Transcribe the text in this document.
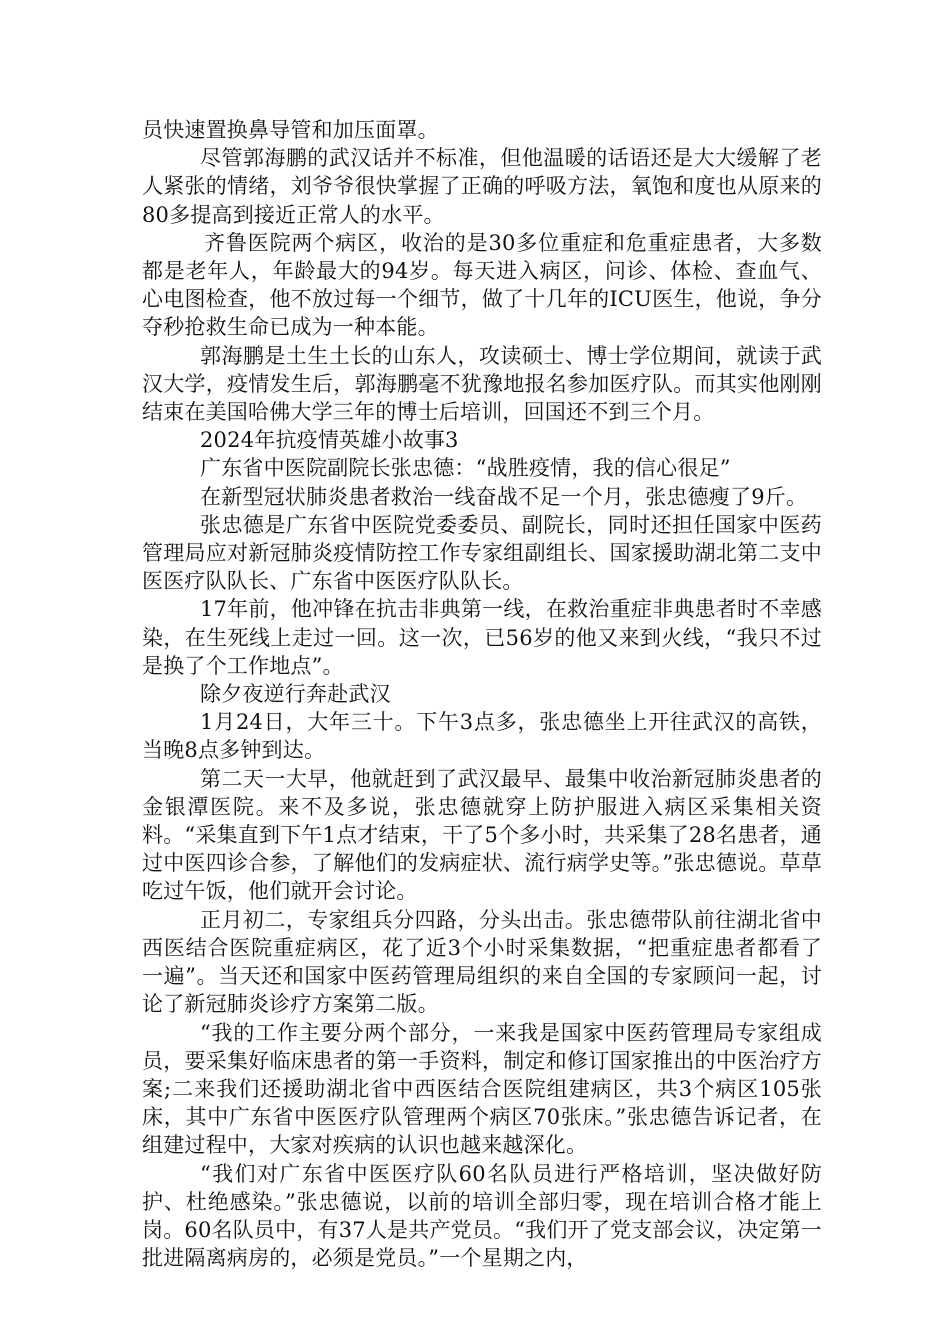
员快速置换鼻导管和加压面罩。

尽管郭海鹏的武汉话并不标准，但他温暖的话语还是大大缓解了老人紧张的情绪，刘爷爷很快掌握了正确的呼吸方法，氧饱和度也从原来的80多提高到接近正常人的水平。

齐鲁医院两个病区，收治的是30多位重症和危重症患者，大多数都是老年人，年龄最大的94岁。每天进入病区，问诊、体检、查血气、心电图检查，他不放过每一个细节，做了十几年的ICU医生，他说，争分夺秒抢救生命已成为一种本能。

郭海鹏是土生土长的山东人，攻读硕士、博士学位期间，就读于武汉大学，疫情发生后，郭海鹏毫不犹豫地报名参加医疗队。而其实他刚刚结束在美国哈佛大学三年的博士后培训，回国还不到三个月。

2024年抗疫情英雄小故事3

广东省中医院副院长张忠德：“战胜疫情，我的信心很足”

在新型冠状肺炎患者救治一线奋战不足一个月，张忠德瘦了9斤。

张忠德是广东省中医院党委委员、副院长，同时还担任国家中医药管理局应对新冠肺炎疫情防控工作专家组副组长、国家援助湖北第二支中医医疗队队长、广东省中医医疗队队长。

17年前，他冲锋在抗击非典第一线，在救治重症非典患者时不幸感染，在生死线上走过一回。这一次，已56岁的他又来到火线，“我只不过是换了个工作地点”。

除夕夜逆行奔赴武汉

1月24日，大年三十。下午3点多，张忠德坐上开往武汉的高铁，当晚8点多钟到达。

第二天一大早，他就赶到了武汉最早、最集中收治新冠肺炎患者的金银潭医院。来不及多说，张忠德就穿上防护服进入病区采集相关资料。“采集直到下午1点才结束，干了5个多小时，共采集了28名患者，通过中医四诊合参，了解他们的发病症状、流行病学史等。”张忠德说。草草吃过午饭，他们就开会讨论。

正月初二，专家组兵分四路，分头出击。张忠德带队前往湖北省中西医结合医院重症病区，花了近3个小时采集数据，“把重症患者都看了一遍”。当天还和国家中医药管理局组织的来自全国的专家顾问一起，讨论了新冠肺炎诊疗方案第二版。

“我的工作主要分两个部分，一来我是国家中医药管理局专家组成员，要采集好临床患者的第一手资料，制定和修订国家推出的中医治疗方案;二来我们还援助湖北省中西医结合医院组建病区，共3个病区105张床，其中广东省中医医疗队管理两个病区70张床。”张忠德告诉记者，在组建过程中，大家对疾病的认识也越来越深化。

“我们对广东省中医医疗队60名队员进行严格培训，坚决做好防护、杜绝感染。”张忠德说，以前的培训全部归零，现在培训合格才能上岗。60名队员中，有37人是共产党员。“我们开了党支部会议，决定第一批进隔离病房的，必须是党员。”一个星期之内，
